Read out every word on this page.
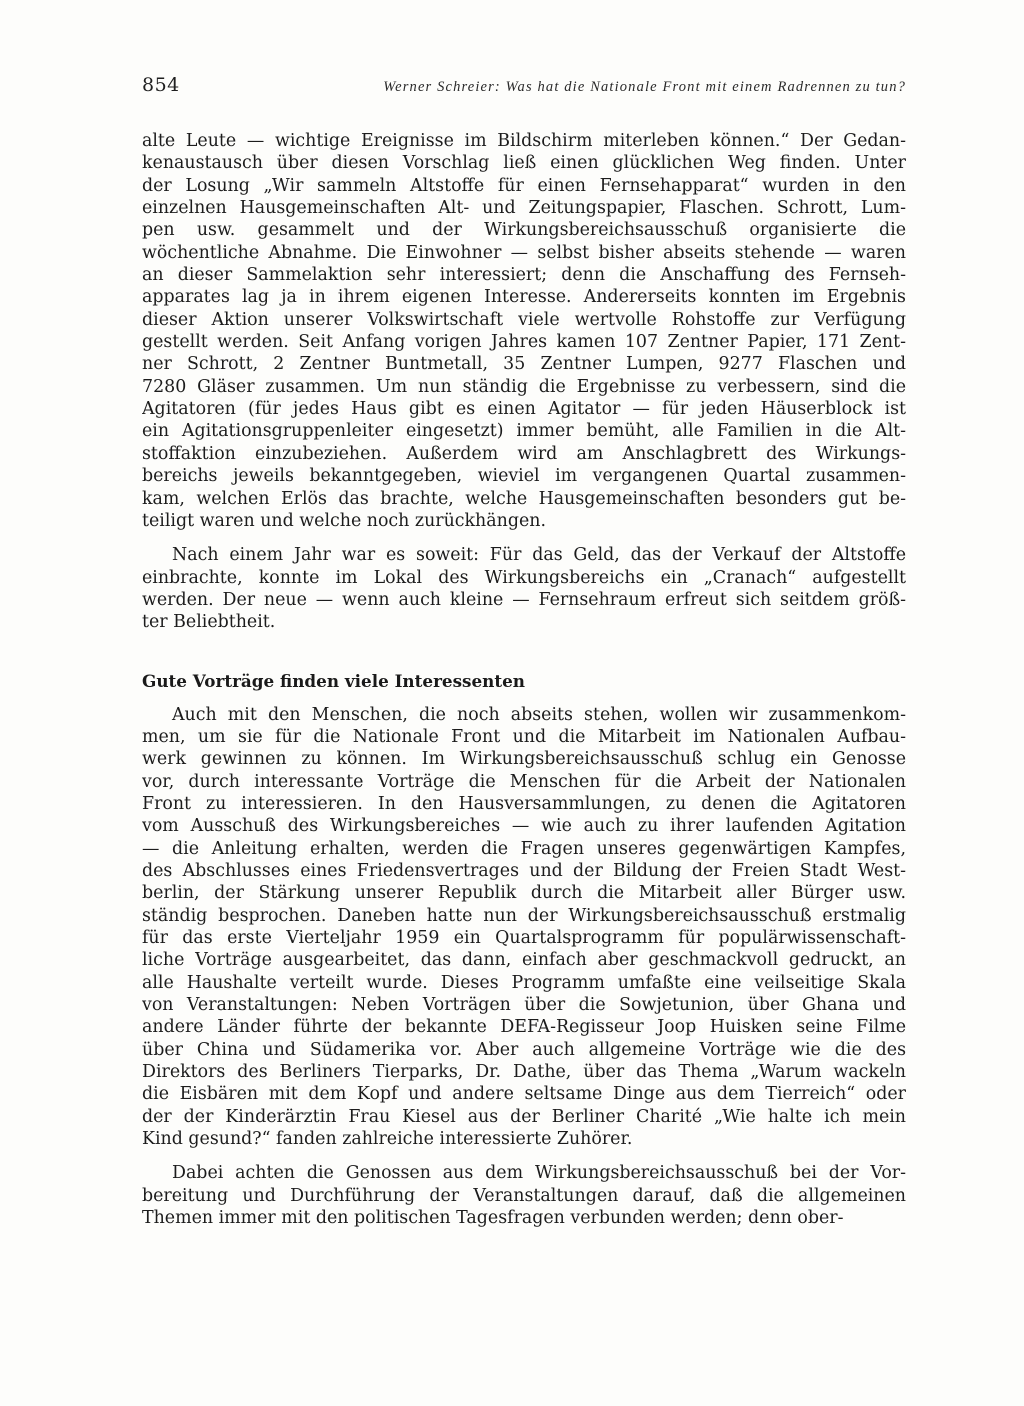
854	Werner Schreier: Was hat die Nationale Front mit einem Radrennen zu tun?

alte Leute — wichtige Ereignisse im Bildschirm miterleben können.“ Der Gedan-
kenaustausch über diesen Vorschlag ließ einen glücklichen Weg finden. Unter
der Losung „Wir sammeln Altstoffe für einen Fernsehapparat“ wurden in den
einzelnen Hausgemeinschaften Alt- und Zeitungspapier, Flaschen. Schrott, Lum-
pen usw. gesammelt und der Wirkungsbereichsausschuß organisierte die
wöchentliche Abnahme. Die Einwohner — selbst bisher abseits stehende — waren
an dieser Sammelaktion sehr interessiert; denn die Anschaffung des Fernseh-
apparates lag ja in ihrem eigenen Interesse. Andererseits konnten im Ergebnis
dieser Aktion unserer Volkswirtschaft viele wertvolle Rohstoffe zur Verfügung
gestellt werden. Seit Anfang vorigen Jahres kamen 107 Zentner Papier, 171 Zent-
ner Schrott, 2 Zentner Buntmetall, 35 Zentner Lumpen, 9277 Flaschen und
7280 Gläser zusammen. Um nun ständig die Ergebnisse zu verbessern, sind die
Agitatoren (für jedes Haus gibt es einen Agitator — für jeden Häuserblock ist
ein Agitationsgruppenleiter eingesetzt) immer bemüht, alle Familien in die Alt-
stoffaktion einzubeziehen. Außerdem wird am Anschlagbrett des Wirkungs-
bereichs jeweils bekanntgegeben, wieviel im vergangenen Quartal zusammen-
kam, welchen Erlös das brachte, welche Hausgemeinschaften besonders gut be-
teiligt waren und welche noch zurückhängen.

Nach einem Jahr war es soweit: Für das Geld, das der Verkauf der Altstoffe
einbrachte, konnte im Lokal des Wirkungsbereichs ein „Cranach“ aufgestellt
werden. Der neue — wenn auch kleine — Fernsehraum erfreut sich seitdem größ-
ter Beliebtheit.

Gute Vorträge finden viele Interessenten

Auch mit den Menschen, die noch abseits stehen, wollen wir zusammenkom-
men, um sie für die Nationale Front und die Mitarbeit im Nationalen Aufbau-
werk gewinnen zu können. Im Wirkungsbereichsausschuß schlug ein Genosse
vor, durch interessante Vorträge die Menschen für die Arbeit der Nationalen
Front zu interessieren. In den Hausversammlungen, zu denen die Agitatoren
vom Ausschuß des Wirkungsbereiches — wie auch zu ihrer laufenden Agitation
— die Anleitung erhalten, werden die Fragen unseres gegenwärtigen Kampfes,
des Abschlusses eines Friedensvertrages und der Bildung der Freien Stadt West-
berlin, der Stärkung unserer Republik durch die Mitarbeit aller Bürger usw.
ständig besprochen. Daneben hatte nun der Wirkungsbereichsausschuß erstmalig
für das erste Vierteljahr 1959 ein Quartalsprogramm für populärwissenschaft-
liche Vorträge ausgearbeitet, das dann, einfach aber geschmackvoll gedruckt, an
alle Haushalte verteilt wurde. Dieses Programm umfaßte eine veilseitige Skala
von Veranstaltungen: Neben Vorträgen über die Sowjetunion, über Ghana und
andere Länder führte der bekannte DEFA-Regisseur Joop Huisken seine Filme
über China und Südamerika vor. Aber auch allgemeine Vorträge wie die des
Direktors des Berliners Tierparks, Dr. Dathe, über das Thema „Warum wackeln
die Eisbären mit dem Kopf und andere seltsame Dinge aus dem Tierreich“ oder
der der Kinderärztin Frau Kiesel aus der Berliner Charité „Wie halte ich mein
Kind gesund?“ fanden zahlreiche interessierte Zuhörer.

Dabei achten die Genossen aus dem Wirkungsbereichsausschuß bei der Vor-
bereitung und Durchführung der Veranstaltungen darauf, daß die allgemeinen
Themen immer mit den politischen Tagesfragen verbunden werden; denn ober-
